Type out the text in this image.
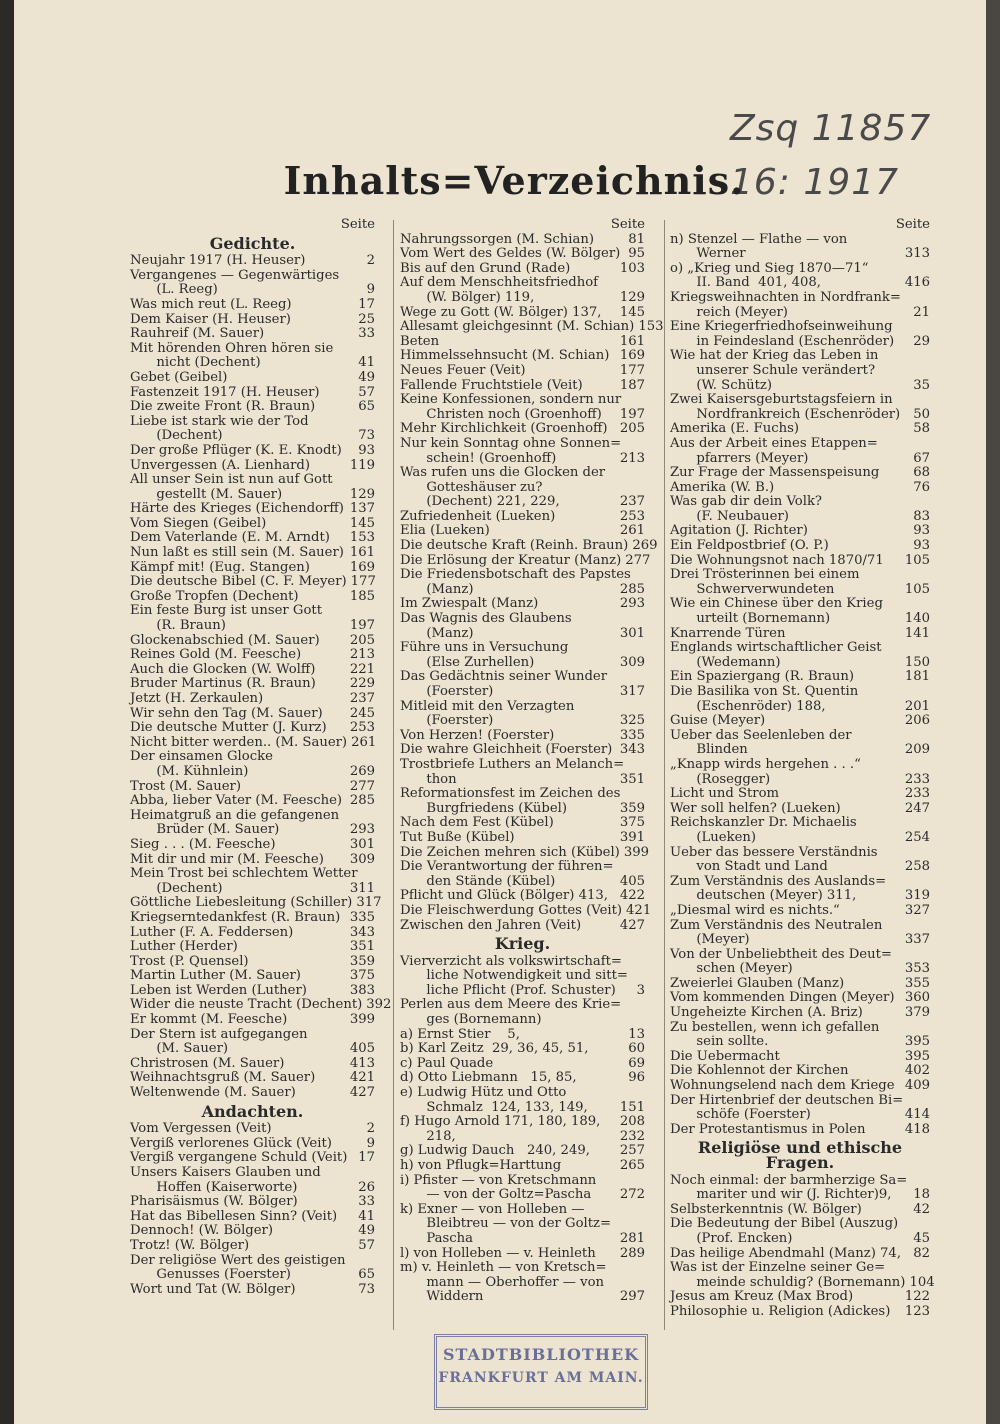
Zsq 11857
16: 1917
Inhalts=Verzeichnis.
Seite
Gedichte.
Neujahr 1917 (H. Heuser)	2
Vergangenes — Gegenwärtiges
(L. Reeg)	9
Was mich reut (L. Reeg)	17
Dem Kaiser (H. Heuser)	25
Rauhreif (M. Sauer)	33
Mit hörenden Ohren hören sie
nicht (Dechent)	41
Gebet (Geibel)	49
Fastenzeit 1917 (H. Heuser)	57
Die zweite Front (R. Braun)	65
Liebe ist stark wie der Tod
(Dechent)	73
Der große Pflüger (K. E. Knodt)	93
Unvergessen (A. Lienhard)	119
All unser Sein ist nun auf Gott
gestellt (M. Sauer)	129
Härte des Krieges (Eichendorff) 137
Vom Siegen (Geibel)	145
Dem Vaterlande (E. M. Arndt)	153
Nun laßt es still sein (M. Sauer) 161
Kämpf mit! (Eug. Stangen)	169
Die deutsche Bibel (C. F. Meyer) 177
Große Tropfen (Dechent)	185
Ein feste Burg ist unser Gott
(R. Braun)	197
Glockenabschied (M. Sauer)	205
Reines Gold (M. Feesche)	213
Auch die Glocken (W. Wolff)	221
Bruder Martinus (R. Braun)	229
Jetzt (H. Zerkaulen)	237
Wir sehn den Tag (M. Sauer)	245
Die deutsche Mutter (J. Kurz)	253
Nicht bitter werden.. (M. Sauer) 261
Der einsamen Glocke
(M. Kühnlein)	269
Trost (M. Sauer)	277
Abba, lieber Vater (M. Feesche) 285
Heimatgruß an die gefangenen
Brüder (M. Sauer)	293
Sieg . . . (M. Feesche)	301
Mit dir und mir (M. Feesche)	309
Mein Trost bei schlechtem Wetter
(Dechent)	311
Göttliche Liebesleitung (Schiller) 317
Kriegserntedankfest (R. Braun) 335
Luther (F. A. Feddersen)	343
Luther (Herder)	351
Trost (P. Quensel)	359
Martin Luther (M. Sauer)	375
Leben ist Werden (Luther)	383
Wider die neuste Tracht (Dechent) 392
Er kommt (M. Feesche)	399
Der Stern ist aufgegangen
(M. Sauer)	405
Christrosen (M. Sauer)	413
Weihnachtsgruß (M. Sauer)	421
Weltenwende (M. Sauer)	427
Andachten.
Vom Vergessen (Veit)	2
Vergiß verlorenes Glück (Veit)	9
Vergiß vergangene Schuld (Veit) 17
Unsers Kaisers Glauben und
Hoffen (Kaiserworte)	26
Pharisäismus (W. Bölger)	33
Hat das Bibellesen Sinn? (Veit)	41
Dennoch! (W. Bölger)	49
Trotz! (W. Bölger)	57
Der religiöse Wert des geistigen
Genusses (Foerster)	65
Wort und Tat (W. Bölger)	73
Seite
Nahrungssorgen (M. Schian)	81
Vom Wert des Geldes (W. Bölger) 95
Bis auf den Grund (Rade)	103
Auf dem Menschheitsfriedhof
(W. Bölger) 119,	129
Wege zu Gott (W. Bölger) 137,	145
Allesamt gleichgesinnt (M. Schian) 153
Beten	161
Himmelssehnsucht (M. Schian) 169
Neues Feuer (Veit)	177
Fallende Fruchtstiele (Veit)	187
Keine Konfessionen, sondern nur
Christen noch (Groenhoff)	197
Mehr Kirchlichkeit (Groenhoff) 205
Nur kein Sonntag ohne Sonnen=
schein! (Groenhoff)	213
Was rufen uns die Glocken der
Gotteshäuser zu?
(Dechent) 221, 229,	237
Zufriedenheit (Lueken)	253
Elia (Lueken)	261
Die deutsche Kraft (Reinh. Braun) 269
Die Erlösung der Kreatur (Manz) 277
Die Friedensbotschaft des Papstes
(Manz)	285
Im Zwiespalt (Manz)	293
Das Wagnis des Glaubens
(Manz)	301
Führe uns in Versuchung
(Else Zurhellen)	309
Das Gedächtnis seiner Wunder
(Foerster)	317
Mitleid mit den Verzagten
(Foerster)	325
Von Herzen! (Foerster)	335
Die wahre Gleichheit (Foerster) 343
Trostbriefe Luthers an Melanch=
thon	351
Reformationsfest im Zeichen des
Burgfriedens (Kübel)	359
Nach dem Fest (Kübel)	375
Tut Buße (Kübel)	391
Die Zeichen mehren sich (Kübel) 399
Die Verantwortung der führen=
den Stände (Kübel)	405
Pflicht und Glück (Bölger) 413, 422
Die Fleischwerdung Gottes (Veit) 421
Zwischen den Jahren (Veit)	427
Krieg.
Vierverzicht als volkswirtschaft=
liche Notwendigkeit und sitt=
liche Pflicht (Prof. Schuster)	3
Perlen aus dem Meere des Krie=
ges (Bornemann)
a) Ernst Stier    5,	13
b) Karl Zeitz  29, 36, 45, 51,	60
c) Paul Quade	69
d) Otto Liebmann   15, 85,	96
e) Ludwig Hütz und Otto
Schmalz  124, 133, 149,	151
f) Hugo Arnold 171, 180, 189,	208
218,	232
g) Ludwig Dauch   240, 249,	257
h) von Pflugk=Harttung	265
i) Pfister — von Kretschmann
— von der Goltz=Pascha	272
k) Exner — von Holleben —
Bleibtreu — von der Goltz=
Pascha	281
l) von Holleben — v. Heinleth	289
m) v. Heinleth — von Kretsch=
mann — Oberhoffer — von
Widdern	297
Seite
n) Stenzel — Flathe — von
Werner	313
o) „Krieg und Sieg 1870—71“
II. Band  401, 408,	416
Kriegsweihnachten in Nordfrank=
reich (Meyer)	21
Eine Kriegerfriedhofseinweihung
in Feindesland (Eschenröder)	29
Wie hat der Krieg das Leben in
unserer Schule verändert?
(W. Schütz)	35
Zwei Kaisersgeburtstagsfeiern in
Nordfrankreich (Eschenröder) 50
Amerika (E. Fuchs)	58
Aus der Arbeit eines Etappen=
pfarrers (Meyer)	67
Zur Frage der Massenspeisung	68
Amerika (W. B.)	76
Was gab dir dein Volk?
(F. Neubauer)	83
Agitation (J. Richter)	93
Ein Feldpostbrief (O. P.)	93
Die Wohnungsnot nach 1870/71	105
Drei Trösterinnen bei einem
Schwerverwundeten	105
Wie ein Chinese über den Krieg
urteilt (Bornemann)	140
Knarrende Türen	141
Englands wirtschaftlicher Geist
(Wedemann)	150
Ein Spaziergang (R. Braun)	181
Die Basilika von St. Quentin
(Eschenröder) 188,	201
Guise (Meyer)	206
Ueber das Seelenleben der
Blinden	209
„Knapp wirds hergehen . . .“
(Rosegger)	233
Licht und Strom	233
Wer soll helfen? (Lueken)	247
Reichskanzler Dr. Michaelis
(Lueken)	254
Ueber das bessere Verständnis
von Stadt und Land	258
Zum Verständnis des Auslands=
deutschen (Meyer) 311,	319
„Diesmal wird es nichts.“	327
Zum Verständnis des Neutralen
(Meyer)	337
Von der Unbeliebtheit des Deut=
schen (Meyer)	353
Zweierlei Glauben (Manz)	355
Vom kommenden Dingen (Meyer) 360
Ungeheizte Kirchen (A. Briz)	379
Zu bestellen, wenn ich gefallen
sein sollte.	395
Die Uebermacht	395
Die Kohlennot der Kirchen	402
Wohnungselend nach dem Kriege 409
Der Hirtenbrief der deutschen Bi=
schöfe (Foerster)	414
Der Protestantismus in Polen	418
Religiöse und ethische Fragen.
Noch einmal: der barmherzige Sa=
mariter und wir (J. Richter)9,	18
Selbsterkenntnis (W. Bölger)	42
Die Bedeutung der Bibel (Auszug)
(Prof. Encken)	45
Das heilige Abendmahl (Manz) 74, 82
Was ist der Einzelne seiner Ge=
meinde schuldig? (Bornemann) 104
Jesus am Kreuz (Max Brod)	122
Philosophie u. Religion (Adickes)	123
STADTBIBLIOTHEK
FRANKFURT AM MAIN.
